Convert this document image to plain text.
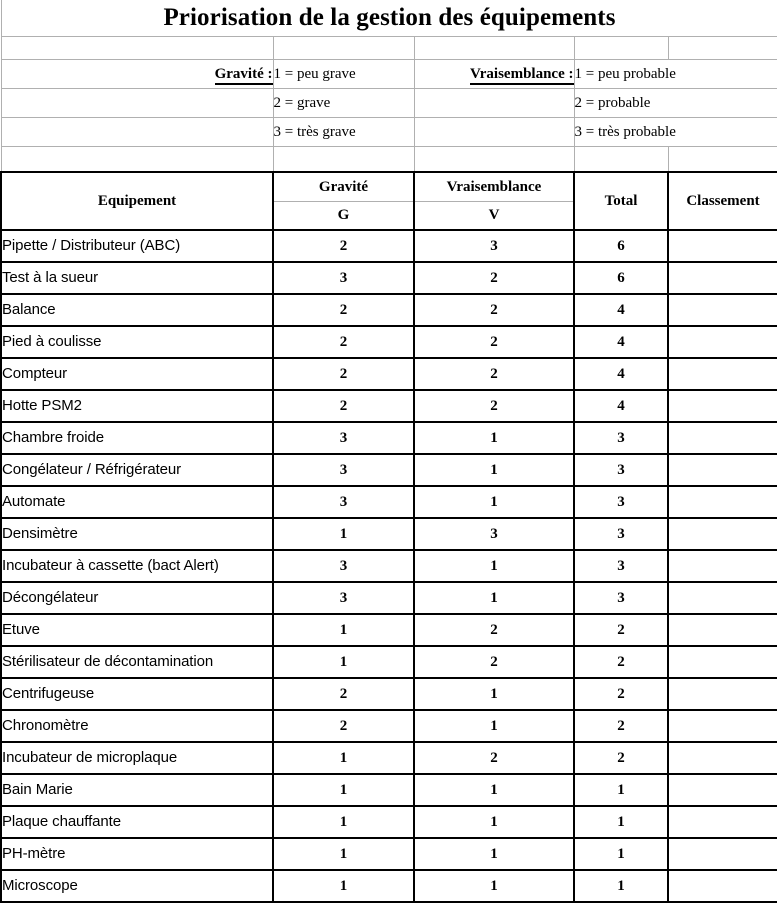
Priorisation de la gestion des équipements				

Gravité :	1 = peu grave	Vraisemblance :	1 = peu probable	
	2 = grave		2 = probable	
	3 = très grave		3 = très probable	

Equipement	Gravité	Vraisemblance	Total	Classement
	G	V		
Pipette / Distributeur (ABC)	2	3	6	
Test à la sueur	3	2	6	
Balance	2	2	4	
Pied à coulisse	2	2	4	
Compteur	2	2	4	
Hotte PSM2	2	2	4	
Chambre froide	3	1	3	
Congélateur / Réfrigérateur	3	1	3	
Automate	3	1	3	
Densimètre	1	3	3	
Incubateur à cassette (bact Alert)	3	1	3	
Décongélateur	3	1	3	
Etuve	1	2	2	
Stérilisateur de décontamination	1	2	2	
Centrifugeuse	2	1	2	
Chronomètre	2	1	2	
Incubateur de microplaque	1	2	2	
Bain Marie	1	1	1	
Plaque chauffante	1	1	1	
PH-mètre	1	1	1	
Microscope	1	1	1	
